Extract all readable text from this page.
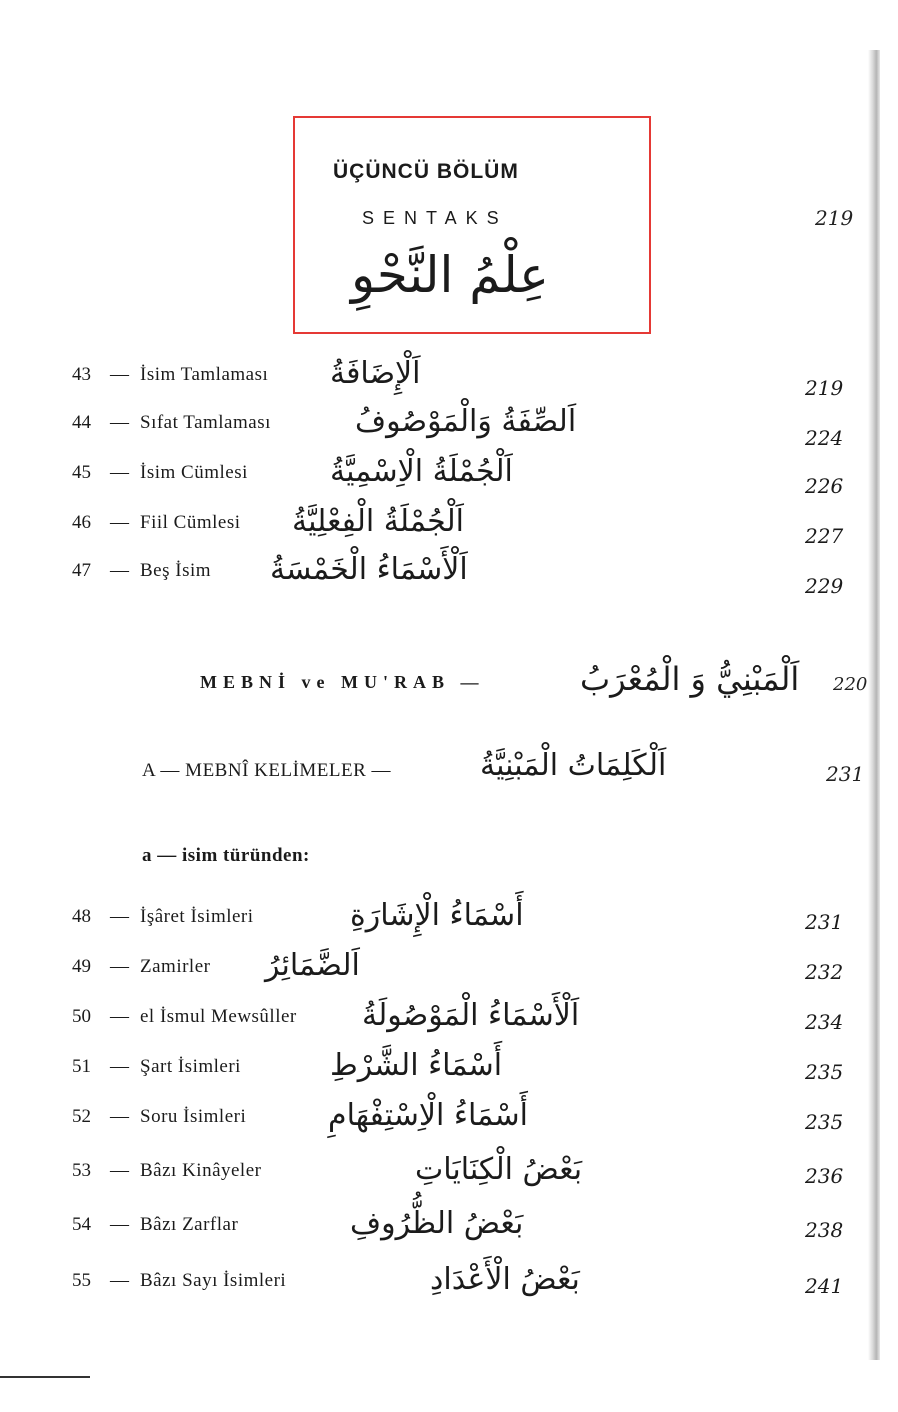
ÜÇÜNCÜ BÖLÜM
SENTAKS
عِلْمُ النَّحْوِ
219
43 — İsim Tamlaması اَلْإِضَافَةُ	219
44 — Sıfat Tamlaması	اَلصِّفَةُ وَالْمَوْصُوفُ	224
45 — İsim Cümlesi	اَلْجُمْلَةُ الْاِسْمِيَّةُ	226
46 — Fiil Cümlesi اَلْجُمْلَةُ الْفِعْلِيَّةُ	227
47 — Beş İsim اَلْأَسْمَاءُ الْخَمْسَةُ	229
MEBNİ ve MU'RAB —	اَلْمَبْنِيُّ وَ الْمُعْرَبُ 220
A — MEBNÎ KELİMELER —	اَلْكَلِمَاتُ الْمَبْنِيَّةُ	231
a — isim türünden:
48 — İşâret İsimleri	أَسْمَاءُ الْإِشَارَةِ	231
49 — Zamirler اَلضَّمَائِرُ	232
50 — el İsmul Mewsûller اَلْأَسْمَاءُ الْمَوْصُولَةُ	234
51 — Şart İsimleri	أَسْمَاءُ الشَّرْطِ	235
52 — Soru İsimleri	أَسْمَاءُ الْاِسْتِفْهَامِ	235
53 — Bâzı Kinâyeler	بَعْضُ الْكِنَايَاتِ	236
54 — Bâzı Zarflar	بَعْضُ الظُّرُوفِ	238
55 — Bâzı Sayı İsimleri	بَعْضُ الْأَعْدَادِ	241
